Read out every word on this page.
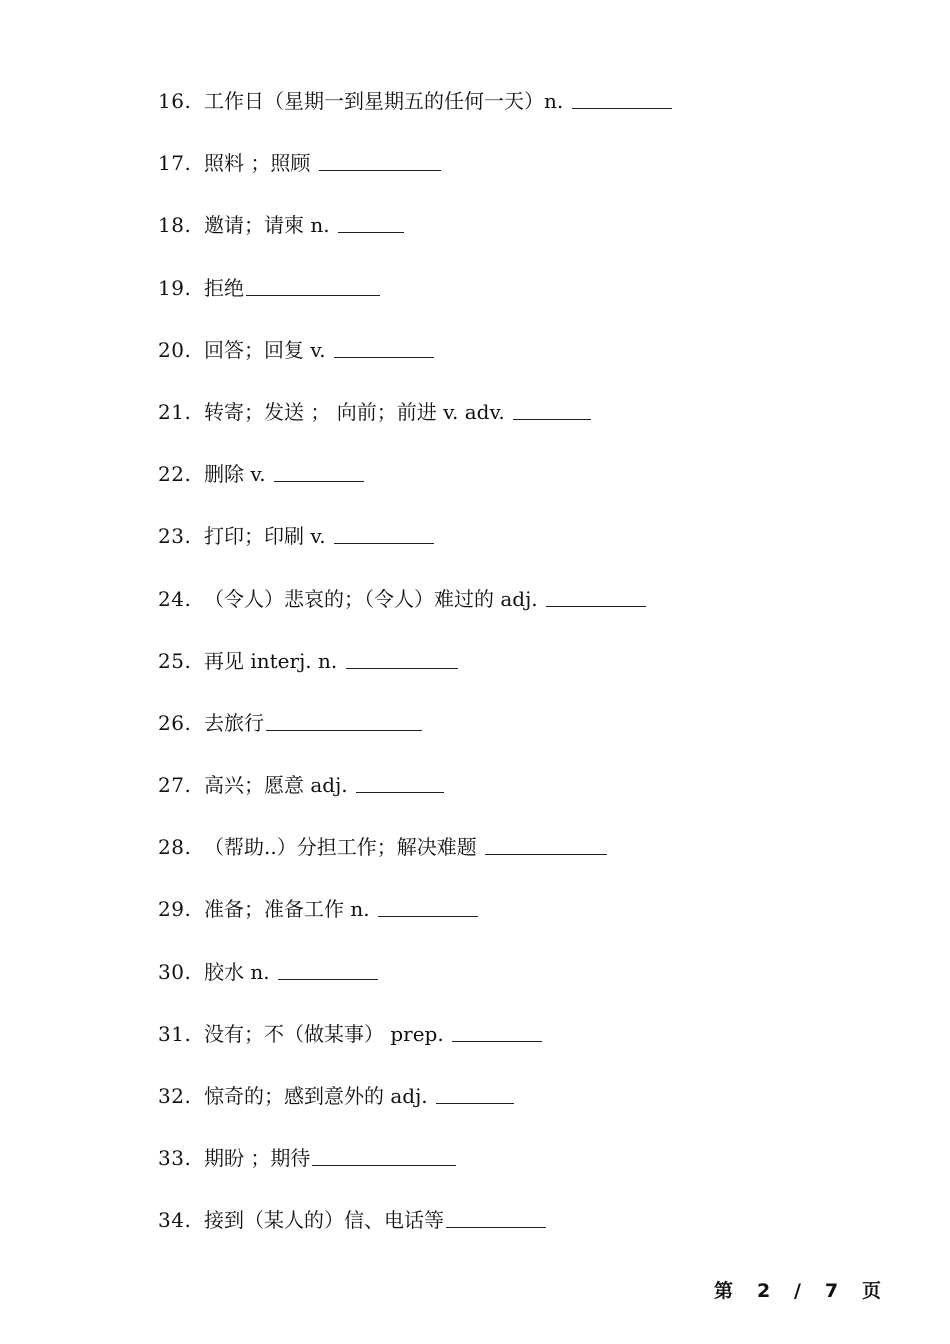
16. 工作日（星期一到星期五的任何一天）n.
17. 照料 ；照顾
18. 邀请；请柬 n.
19. 拒绝
20. 回答；回复 v.
21. 转寄；发送 ； 向前；前进 v. adv.
22. 删除 v.
23. 打印；印刷 v.
24. （令人）悲哀的；（令人）难过的 adj.
25. 再见 interj. n.
26. 去旅行
27. 高兴；愿意 adj.
28. （帮助..）分担工作；解决难题
29. 准备；准备工作 n.
30. 胶水 n.
31. 没有；不（做某事） prep.
32. 惊奇的；感到意外的 adj.
33. 期盼 ；期待
34. 接到（某人的）信、电话等
第 2 / 7 页
